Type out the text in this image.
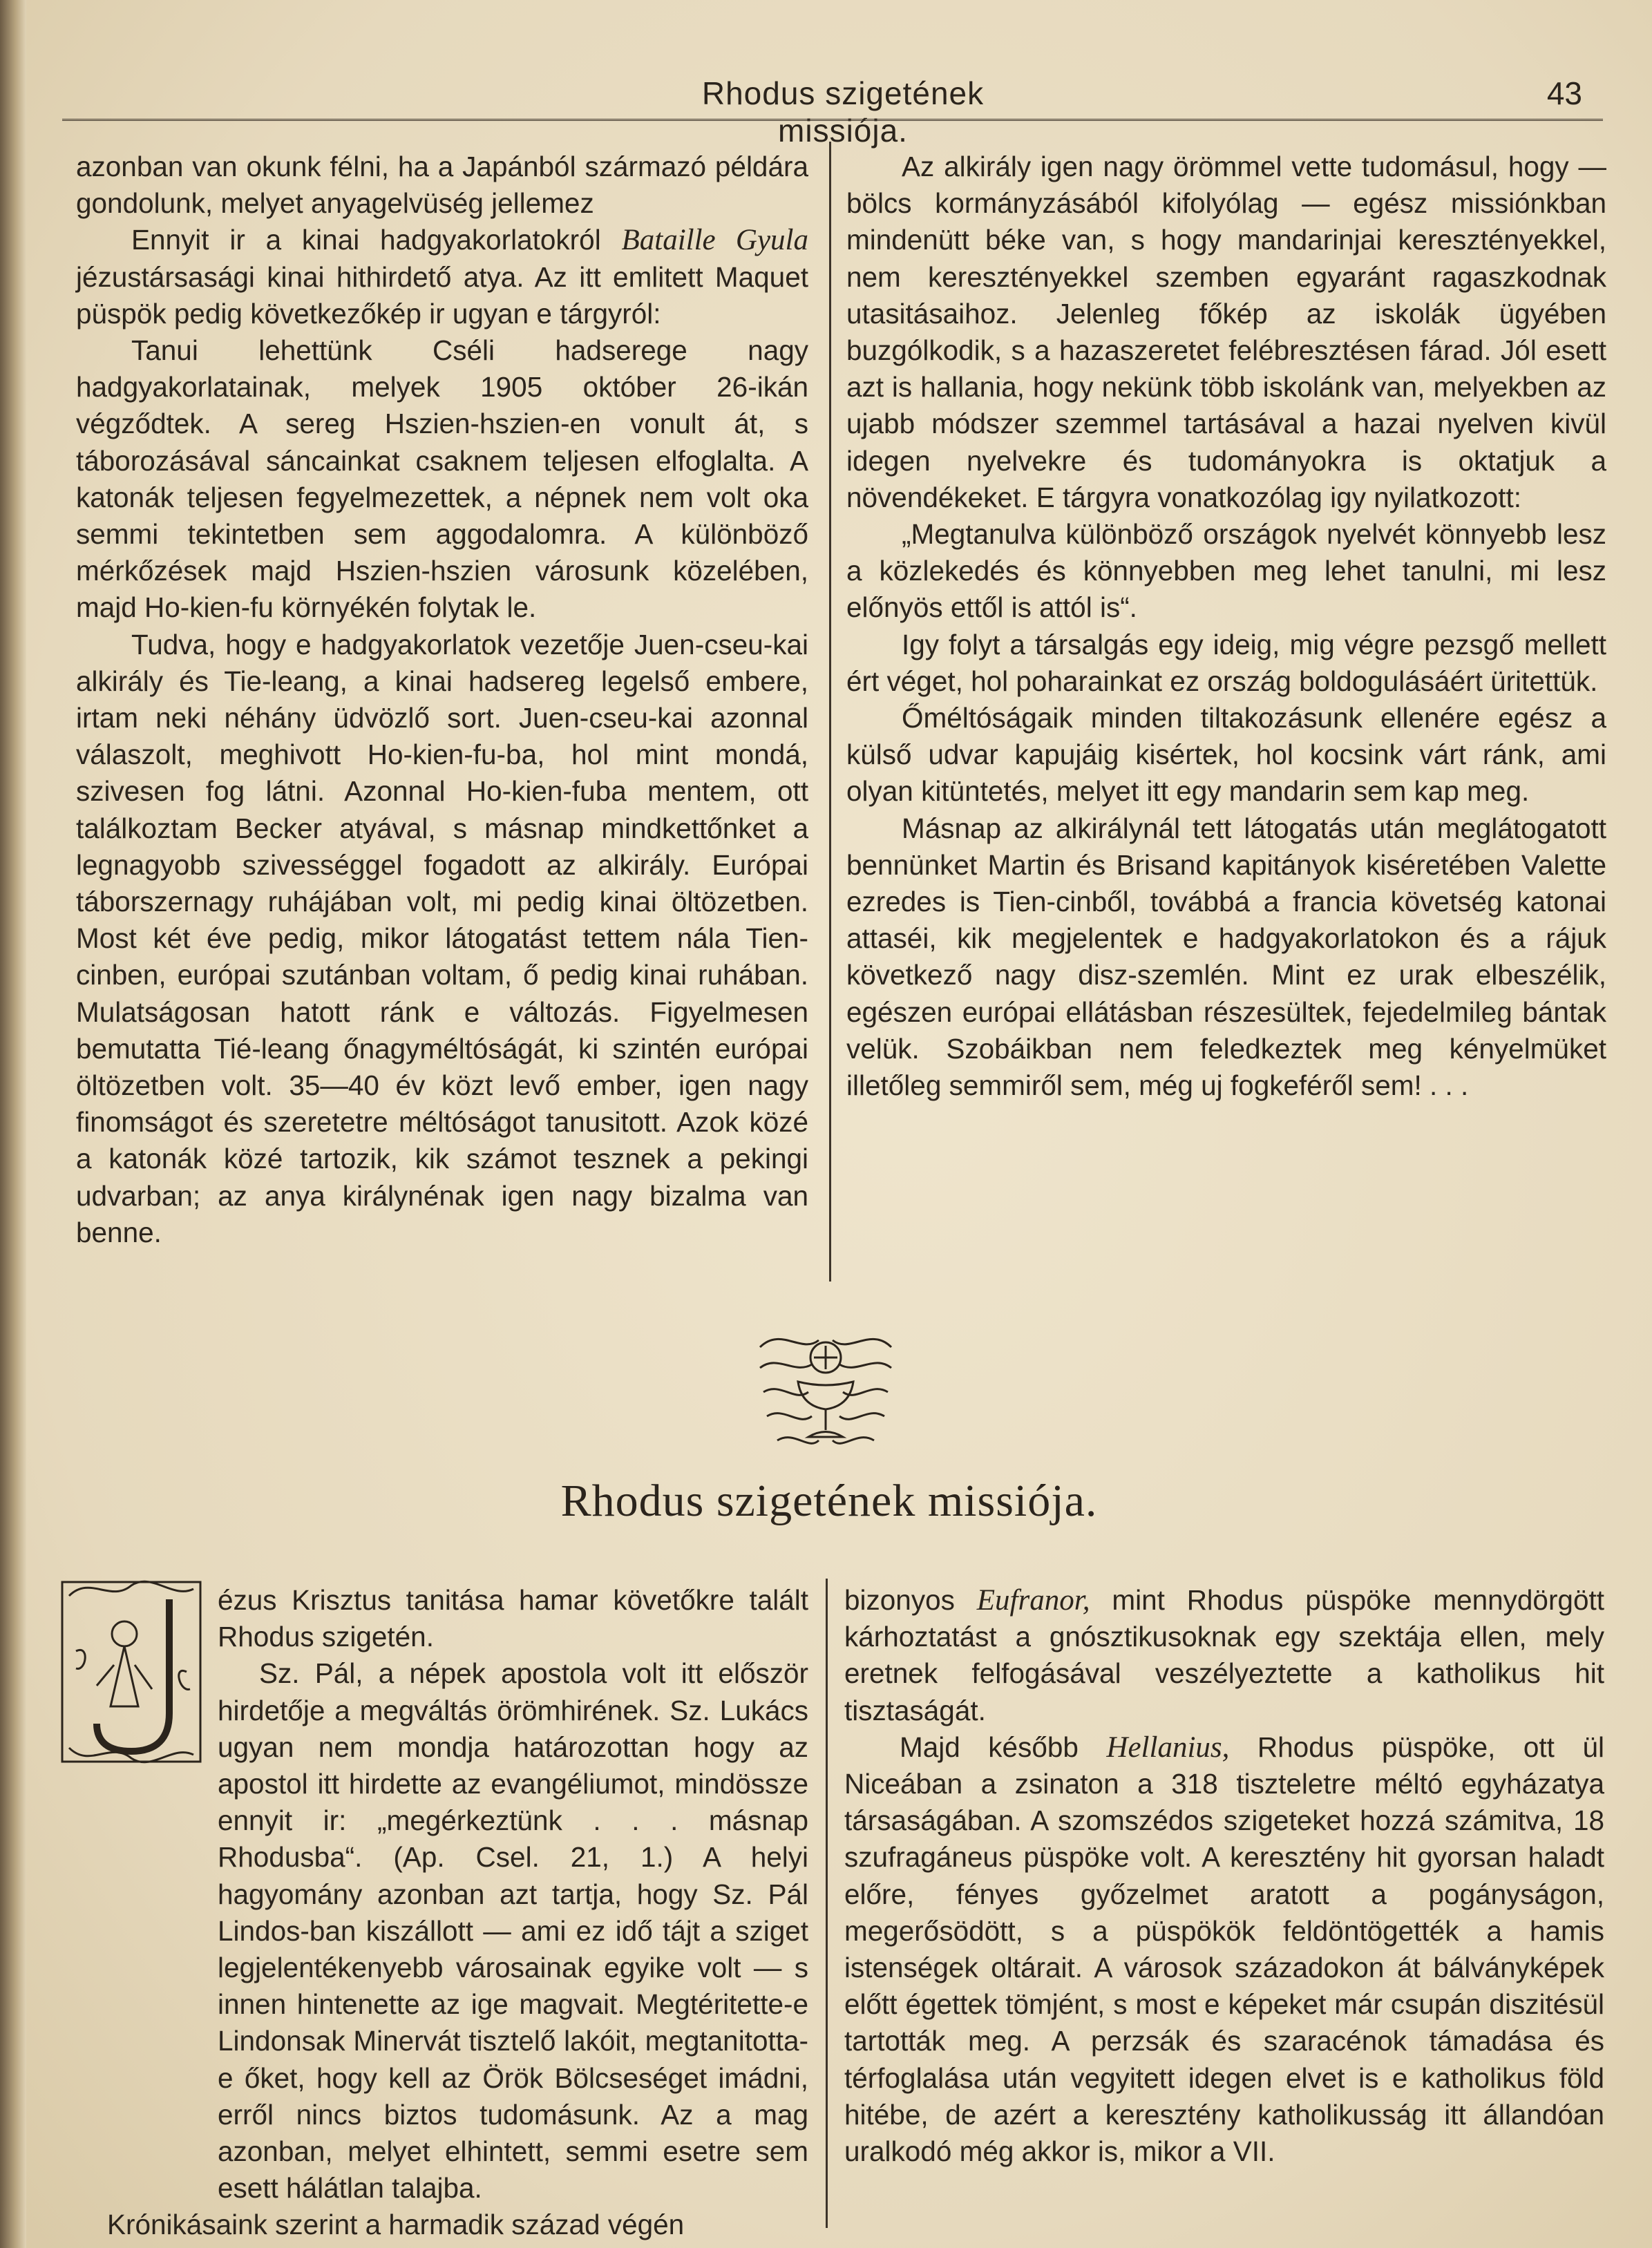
Rhodus szigetének missiója.
43

azonban van okunk félni, ha a Japánból származó példára gondolunk, melyet anyagelvüség jellemez

Ennyit ir a kinai hadgyakorlatokról Bataille Gyula jézustársasági kinai hithirdető atya. Az itt emlitett Maquet püspök pedig következőkép ir ugyan e tárgyról:

Tanui lehettünk Cséli hadserege nagy hadgyakorlatainak, melyek 1905 október 26-ikán végződtek. A sereg Hszien-hszien-en vonult át, s táborozásával sáncainkat csaknem teljesen elfoglalta. A katonák teljesen fegyelmezettek, a népnek nem volt oka semmi tekintetben sem aggodalomra. A különböző mérkőzések majd Hszien-hszien városunk közelében, majd Ho-kien-fu környékén folytak le.

Tudva, hogy e hadgyakorlatok vezetője Juen-cseu-kai alkirály és Tie-leang, a kinai hadsereg legelső embere, irtam neki néhány üdvözlő sort. Juen-cseu-kai azonnal válaszolt, meghivott Ho-kien-fu-ba, hol mint mondá, szivesen fog látni. Azonnal Ho-kien-fuba mentem, ott találkoztam Becker atyával, s másnap mindkettőnket a legnagyobb szivességgel fogadott az alkirály. Európai táborszernagy ruhájában volt, mi pedig kinai öltözetben. Most két éve pedig, mikor látogatást tettem nála Tien-cinben, európai szutánban voltam, ő pedig kinai ruhában. Mulatságosan hatott ránk e változás. Figyelmesen bemutatta Tié-leang őnagyméltóságát, ki szintén európai öltözetben volt. 35—40 év közt levő ember, igen nagy finomságot és szeretetre méltóságot tanusitott. Azok közé a katonák közé tartozik, kik számot tesznek a pekingi udvarban; az anya királynénak igen nagy bizalma van benne.

Az alkirály igen nagy örömmel vette tudomásul, hogy — bölcs kormányzásából kifolyólag — egész missiónkban mindenütt béke van, s hogy mandarinjai keresztényekkel, nem keresztényekkel szemben egyaránt ragaszkodnak utasitásaihoz. Jelenleg főkép az iskolák ügyében buzgólkodik, s a hazaszeretet felébresztésen fárad. Jól esett azt is hallania, hogy nekünk több iskolánk van, melyekben az ujabb módszer szemmel tartásával a hazai nyelven kivül idegen nyelvekre és tudományokra is oktatjuk a növendékeket. E tárgyra vonatkozólag igy nyilatkozott:

„Megtanulva különböző országok nyelvét könnyebb lesz a közlekedés és könnyebben meg lehet tanulni, mi lesz előnyös ettől is attól is“.

Igy folyt a társalgás egy ideig, mig végre pezsgő mellett ért véget, hol poharainkat ez ország boldogulásáért üritettük.

Őméltóságaik minden tiltakozásunk ellenére egész a külső udvar kapujáig kisértek, hol kocsink várt ránk, ami olyan kitüntetés, melyet itt egy mandarin sem kap meg.

Másnap az alkirálynál tett látogatás után meglátogatott bennünket Martin és Brisand kapitányok kiséretében Valette ezredes is Tien-cinből, továbbá a francia követség katonai attaséi, kik megjelentek e hadgyakorlatokon és a rájuk következő nagy disz-szemlén. Mint ez urak elbeszélik, egészen európai ellátásban részesültek, fejedelmileg bántak velük. Szobáikban nem feledkeztek meg kényelmüket illetőleg semmiről sem, még uj fogkeféről sem! . . .

Rhodus szigetének missiója.

ézus Krisztus tanitása hamar követőkre talált Rhodus szigetén.

Sz. Pál, a népek apostola volt itt először hirdetője a megváltás örömhirének. Sz. Lukács ugyan nem mondja határozottan hogy az apostol itt hirdette az evangéliumot, mindössze ennyit ir: „megérkeztünk . . . másnap Rhodusba“. (Ap. Csel. 21, 1.) A helyi hagyomány azonban azt tartja, hogy Sz. Pál Lindos-ban kiszállott — ami ez idő tájt a sziget legjelentékenyebb városainak egyike volt — s innen hintenette az ige magvait. Megtéritette-e Lindonsak Minervát tisztelő lakóit, megtanitotta-e őket, hogy kell az Örök Bölcseséget imádni, erről nincs biztos tudomásunk. Az a mag azonban, melyet elhintett, semmi esetre sem esett hálátlan talajba.

Krónikásaink szerint a harmadik század végén

bizonyos Eufranor, mint Rhodus püspöke mennydörgött kárhoztatást a gnósztikusoknak egy szektája ellen, mely eretnek felfogásával veszélyeztette a katholikus hit tisztaságát.

Majd később Hellanius, Rhodus püspöke, ott ül Niceában a zsinaton a 318 tiszteletre méltó egyházatya társaságában. A szomszédos szigeteket hozzá számitva, 18 szufragáneus püspöke volt. A keresztény hit gyorsan haladt előre, fényes győzelmet aratott a pogányságon, megerősödött, s a püspökök feldöntögették a hamis istenségek oltárait. A városok századokon át bálványképek előtt égettek tömjént, s most e képeket már csupán diszitésül tartották meg. A perzsák és szaracénok támadása és térfoglalása után vegyitett idegen elvet is e katholikus föld hitébe, de azért a keresztény katholikusság itt állandóan uralkodó még akkor is, mikor a VII.
